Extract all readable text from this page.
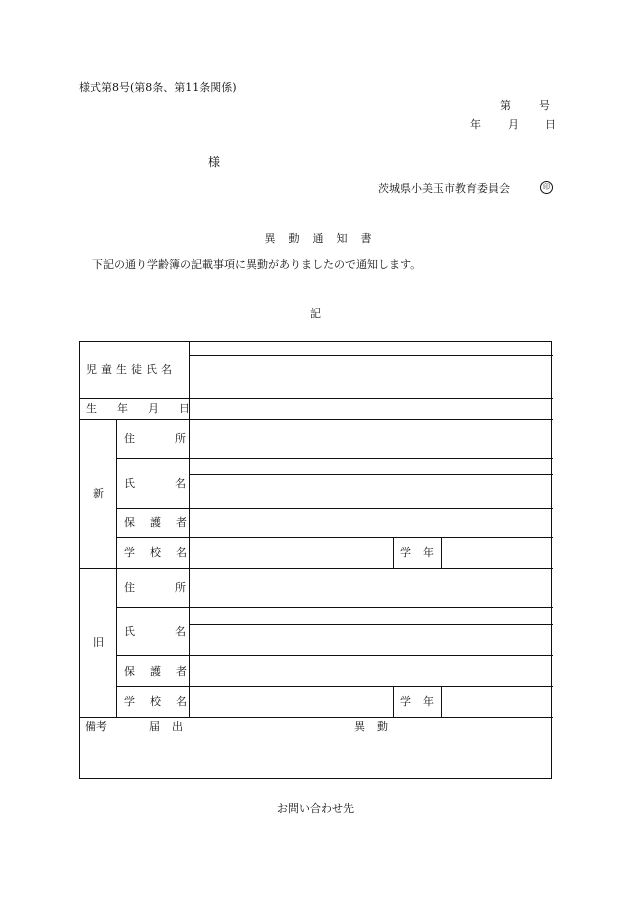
様式第8号(第8条、第11条関係)
第	号
年 月 日
様
茨城県小美玉市教育委員会	印
異 動 通 知 書
下記の通り学齢簿の記載事項に異動がありましたので通知します。
記
児 童 生 徒 氏 名
生 年 月 日
新
住	所
氏	名
保 護 者
学 校 名	学 年
旧
住	所
氏	名
保 護 者
学 校 名	学 年
備考	届 出	異 動
お問い合わせ先
